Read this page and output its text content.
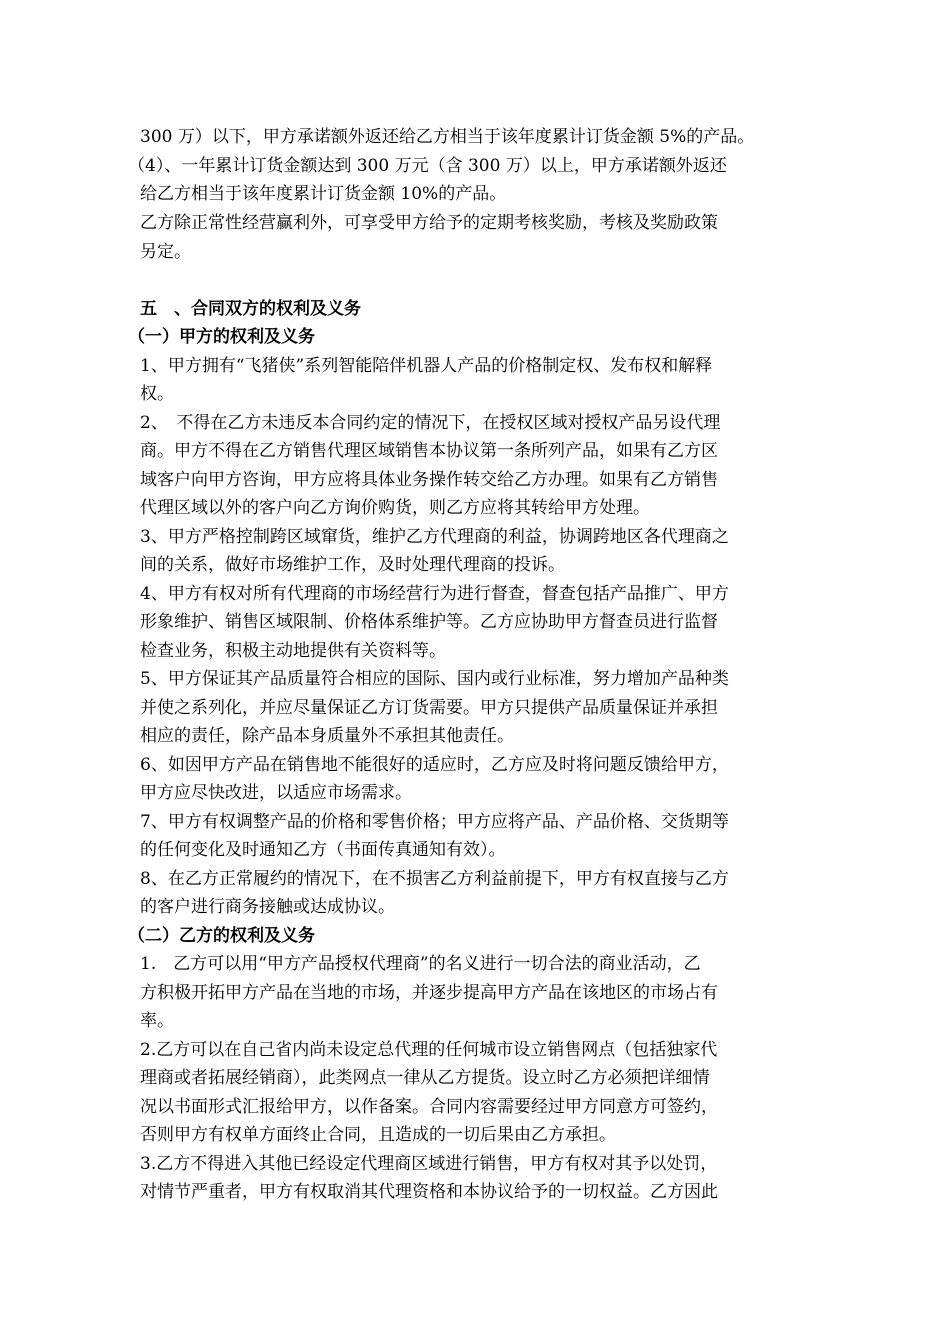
300 万）以下，甲方承诺额外返还给乙方相当于该年度累计订货金额 5%的产品。
（4）、一年累计订货金额达到 300 万元（含 300 万）以上，甲方承诺额外返还
给乙方相当于该年度累计订货金额 10%的产品。
乙方除正常性经营赢利外，可享受甲方给予的定期考核奖励，考核及奖励政策
另定。
五　、合同双方的权利及义务
（一）甲方的权利及义务
1、甲方拥有“飞猪侠”系列智能陪伴机器人产品的价格制定权、发布权和解释
权。
2、　不得在乙方未违反本合同约定的情况下，在授权区域对授权产品另设代理
商。甲方不得在乙方销售代理区域销售本协议第一条所列产品，如果有乙方区
域客户向甲方咨询，甲方应将具体业务操作转交给乙方办理。如果有乙方销售
代理区域以外的客户向乙方询价购货，则乙方应将其转给甲方处理。
3、甲方严格控制跨区域窜货，维护乙方代理商的利益，协调跨地区各代理商之
间的关系，做好市场维护工作，及时处理代理商的投诉。
4、甲方有权对所有代理商的市场经营行为进行督查，督查包括产品推广、甲方
形象维护、销售区域限制、价格体系维护等。乙方应协助甲方督查员进行监督
检查业务，积极主动地提供有关资料等。
5、甲方保证其产品质量符合相应的国际、国内或行业标准，努力增加产品种类
并使之系列化，并应尽量保证乙方订货需要。甲方只提供产品质量保证并承担
相应的责任，除产品本身质量外不承担其他责任。
6、如因甲方产品在销售地不能很好的适应时，乙方应及时将问题反馈给甲方，
甲方应尽快改进，以适应市场需求。
7、甲方有权调整产品的价格和零售价格；甲方应将产品、产品价格、交货期等
的任何变化及时通知乙方（书面传真通知有效）。
8、在乙方正常履约的情况下，在不损害乙方利益前提下，甲方有权直接与乙方
的客户进行商务接触或达成协议。
（二）乙方的权利及义务
1.　乙方可以用“甲方产品授权代理商”的名义进行一切合法的商业活动，乙
方积极开拓甲方产品在当地的市场，并逐步提高甲方产品在该地区的市场占有
率。
2.乙方可以在自己省内尚未设定总代理的任何城市设立销售网点（包括独家代
理商或者拓展经销商），此类网点一律从乙方提货。设立时乙方必须把详细情
况以书面形式汇报给甲方，以作备案。合同内容需要经过甲方同意方可签约，
否则甲方有权单方面终止合同，且造成的一切后果由乙方承担。
3.乙方不得进入其他已经设定代理商区域进行销售，甲方有权对其予以处罚，
对情节严重者，甲方有权取消其代理资格和本协议给予的一切权益。乙方因此
